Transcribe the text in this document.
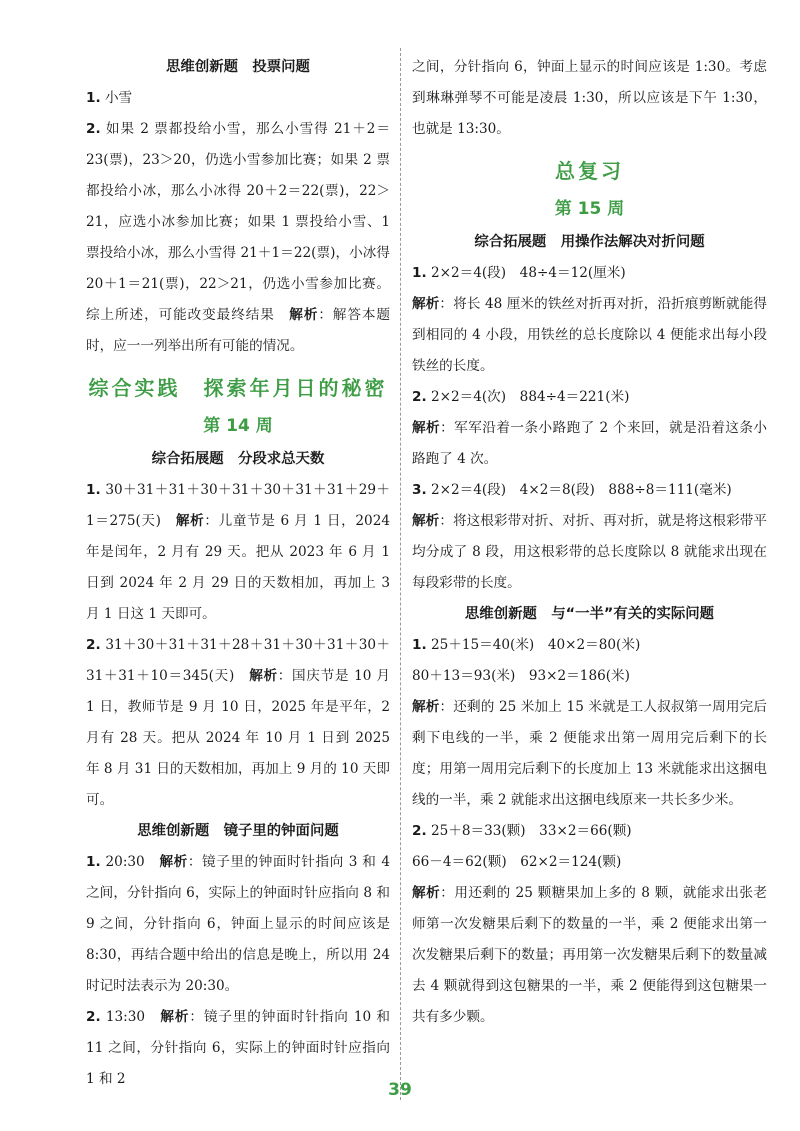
思维创新题　投票问题

1. 小雪

2. 如果 2 票都投给小雪，那么小雪得 21＋2＝23(票)，23＞20，仍选小雪参加比赛；如果 2 票都投给小冰，那么小冰得 20＋2＝22(票)，22＞21，应选小冰参加比赛；如果 1 票投给小雪、1 票投给小冰，那么小雪得 21＋1＝22(票)，小冰得 20＋1＝21(票)，22＞21，仍选小雪参加比赛。综上所述，可能改变最终结果　解析：解答本题时，应一一列举出所有可能的情况。

综合实践　探索年月日的秘密

第 14 周

综合拓展题　分段求总天数

1. 30＋31＋31＋30＋31＋30＋31＋31＋29＋1＝275(天)　解析：儿童节是 6 月 1 日，2024 年是闰年，2 月有 29 天。把从 2023 年 6 月 1 日到 2024 年 2 月 29 日的天数相加，再加上 3 月 1 日这 1 天即可。

2. 31＋30＋31＋31＋28＋31＋30＋31＋30＋31＋31＋10＝345(天)　解析：国庆节是 10 月 1 日，教师节是 9 月 10 日，2025 年是平年，2 月有 28 天。把从 2024 年 10 月 1 日到 2025 年 8 月 31 日的天数相加，再加上 9 月的 10 天即可。

思维创新题　镜子里的钟面问题

1. 20:30　解析：镜子里的钟面时针指向 3 和 4 之间，分针指向 6，实际上的钟面时针应指向 8 和 9 之间，分针指向 6，钟面上显示的时间应该是 8:30，再结合题中给出的信息是晚上，所以用 24 时记时法表示为 20:30。

2. 13:30　解析：镜子里的钟面时针指向 10 和 11 之间，分针指向 6，实际上的钟面时针应指向 1 和 2

之间，分针指向 6，钟面上显示的时间应该是 1:30。考虑到琳琳弹琴不可能是凌晨 1:30，所以应该是下午 1:30，也就是 13:30。

总复习

第 15 周

综合拓展题　用操作法解决对折问题

1. 2×2＝4(段)　48÷4＝12(厘米)

解析：将长 48 厘米的铁丝对折再对折，沿折痕剪断就能得到相同的 4 小段，用铁丝的总长度除以 4 便能求出每小段铁丝的长度。

2. 2×2＝4(次)　884÷4＝221(米)

解析：军军沿着一条小路跑了 2 个来回，就是沿着这条小路跑了 4 次。

3. 2×2＝4(段)　4×2＝8(段)　888÷8＝111(毫米)

解析：将这根彩带对折、对折、再对折，就是将这根彩带平均分成了 8 段，用这根彩带的总长度除以 8 就能求出现在每段彩带的长度。

思维创新题　与“一半”有关的实际问题

1. 25＋15＝40(米)　40×2＝80(米)

80＋13＝93(米)　93×2＝186(米)

解析：还剩的 25 米加上 15 米就是工人叔叔第一周用完后剩下电线的一半，乘 2 便能求出第一周用完后剩下的长度；用第一周用完后剩下的长度加上 13 米就能求出这捆电线的一半，乘 2 就能求出这捆电线原来一共长多少米。

2. 25＋8＝33(颗)　33×2＝66(颗)

66－4＝62(颗)　62×2＝124(颗)

解析：用还剩的 25 颗糖果加上多的 8 颗，就能求出张老师第一次发糖果后剩下的数量的一半，乘 2 便能求出第一次发糖果后剩下的数量；再用第一次发糖果后剩下的数量减去 4 颗就得到这包糖果的一半，乘 2 便能得到这包糖果一共有多少颗。

39
